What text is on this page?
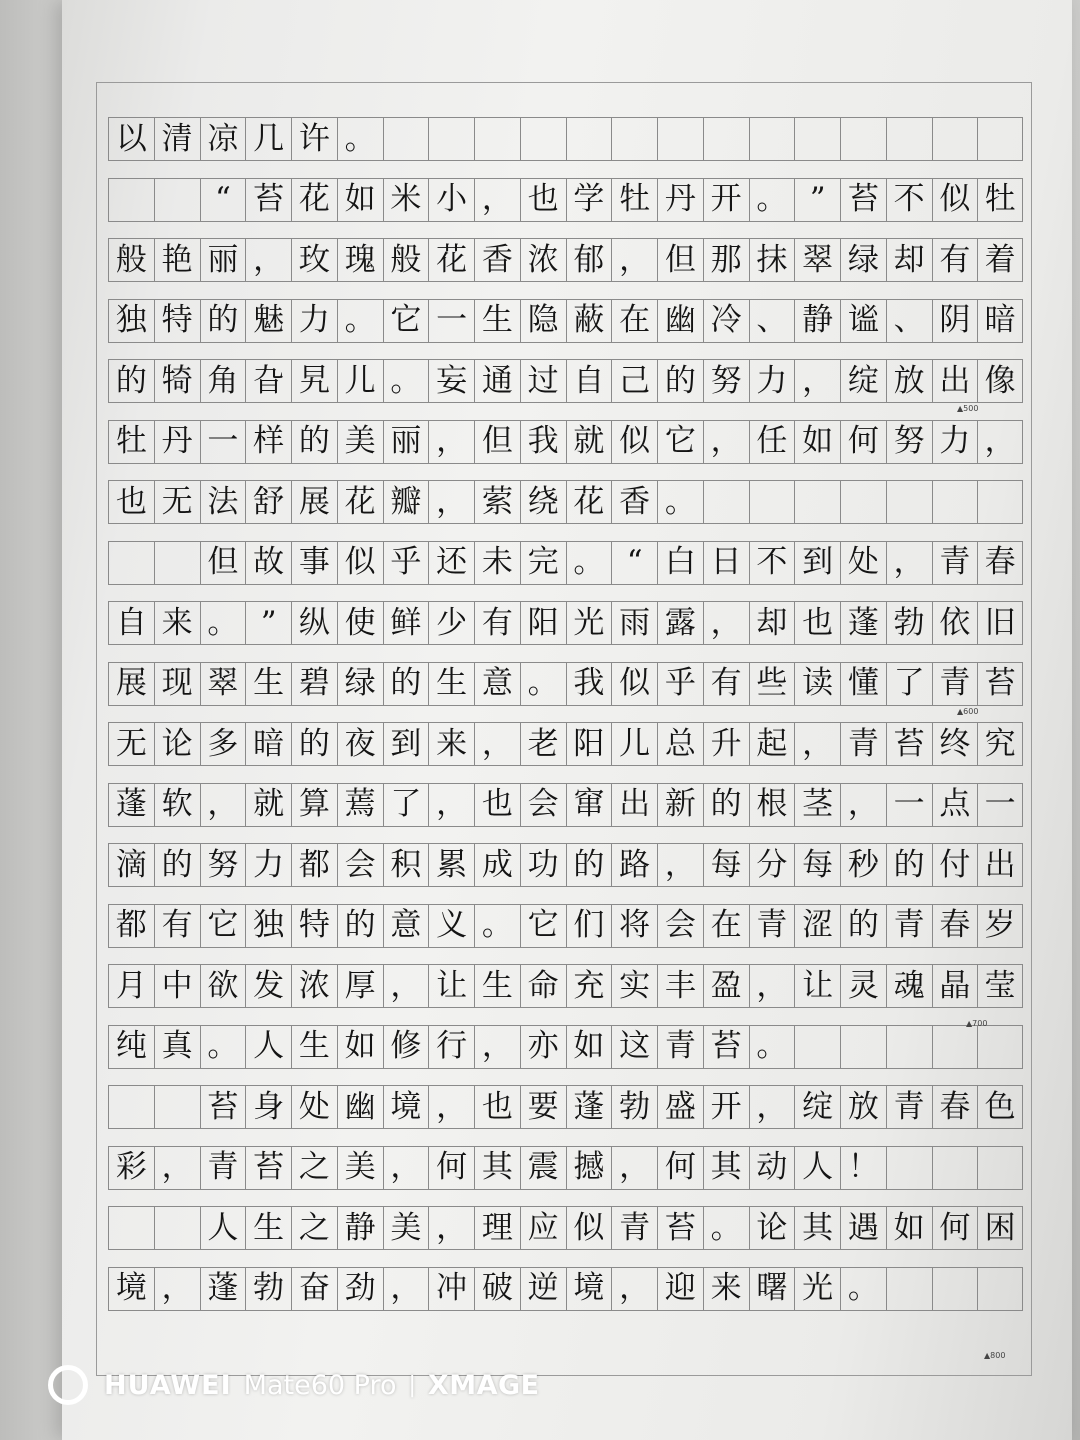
以 清 凉 几 许 。
“ 苔 花 如 米 小 ， 也 学 牡 丹 开 。 ” 苔 不 似 牡
般 艳 丽 ， 玫 瑰 般 花 香 浓 郁 ， 但 那 抹 翠 绿 却 有 着
独 特 的 魅 力 。 它 一 生 隐 蔽 在 幽 冷 、 静 谧 、 阴 暗
的 犄 角 旮 旯 儿 。 妄 通 过 自 己 的 努 力 ， 绽 放 出 像
牡 丹 一 样 的 美 丽 ， 但 我 就 似 它 ， 任 如 何 努 力 ，
也 无 法 舒 展 花 瓣 ， 萦 绕 花 香 。
但 故 事 似 乎 还 未 完 。 “ 白 日 不 到 处 ， 青 春
自 来 。 ” 纵 使 鲜 少 有 阳 光 雨 露 ， 却 也 蓬 勃 依 旧
展 现 翠 生 碧 绿 的 生 意 。 我 似 乎 有 些 读 懂 了 青 苔
无 论 多 暗 的 夜 到 来 ， 老 阳 儿 总 升 起 ， 青 苔 终 究
蓬 软 ， 就 算 蔫 了 ， 也 会 窜 出 新 的 根 茎 ， 一 点 一
滴 的 努 力 都 会 积 累 成 功 的 路 ， 每 分 每 秒 的 付 出
都 有 它 独 特 的 意 义 。 它 们 将 会 在 青 涩 的 青 春 岁
月 中 欲 发 浓 厚 ， 让 生 命 充 实 丰 盈 ， 让 灵 魂 晶 莹
纯 真 。 人 生 如 修 行 ， 亦 如 这 青 苔 。
苔 身 处 幽 境 ， 也 要 蓬 勃 盛 开 ， 绽 放 青 春 色
彩 ， 青 苔 之 美 ， 何 其 震 撼 ， 何 其 动 人 ！
人 生 之 静 美 ， 理 应 似 青 苔 。 论 其 遇 如 何 困
境 ， 蓬 勃 奋 劲 ， 冲 破 逆 境 ， 迎 来 曙 光 。
▲500
▲600
▲700
▲800
HUAWEI Mate60 Pro | XMAGE
